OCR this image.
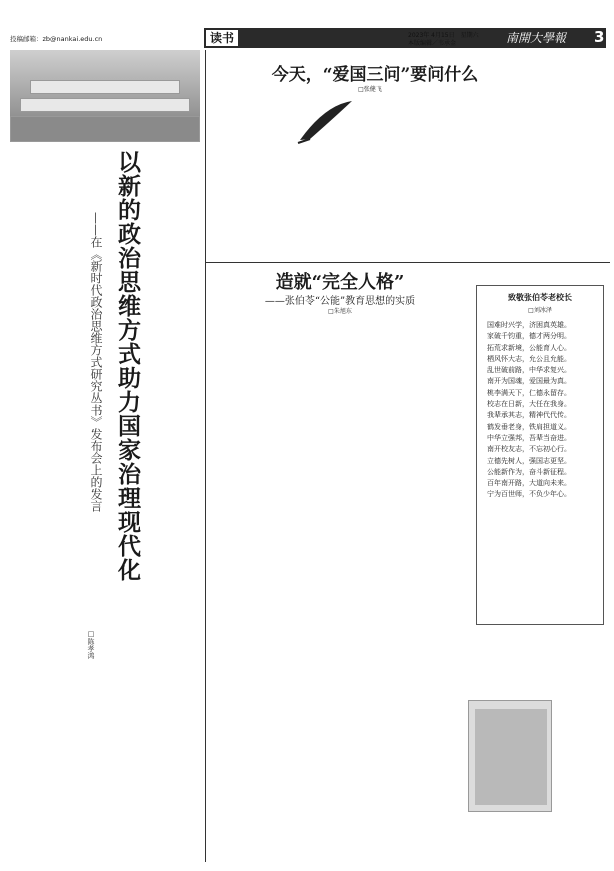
投稿邮箱：zb@nankai.edu.cn	读书	2023年 4月15日　星期六
本版编辑／韦承金	南開大學報 3
以新的政治思维方式助力国家治理现代化
——在《新时代政治思维方式研究丛书》发布会上的发言
□陈孝鸿
今天，“爱国三问”要问什么
□张健飞
致敬张伯苓老校长
□刘冰泽
国难时兴学，济困真英雄。
家破千钧重，德才两分明。
拓荒求新境，公能育人心。
栖风怀大志，允公且允能。
乱世破前路，中华求复兴。
南开为国魂，爱国最为真。
桃李满天下，仁德永留存。
校志在日新，大任在我身。
我辈承其志，精神代代传。
鹤发垂老身，铁肩担道义。
中华立强邦，吾辈当奋进。
南开校友志，不忘初心行。
立德先树人，强国志更坚。
公能新作为，奋斗新征程。
百年南开路，大道向未来。
宁为百世师，不负少年心。
造就“完全人格”
——张伯苓“公能”教育思想的实质
□朱旭东
